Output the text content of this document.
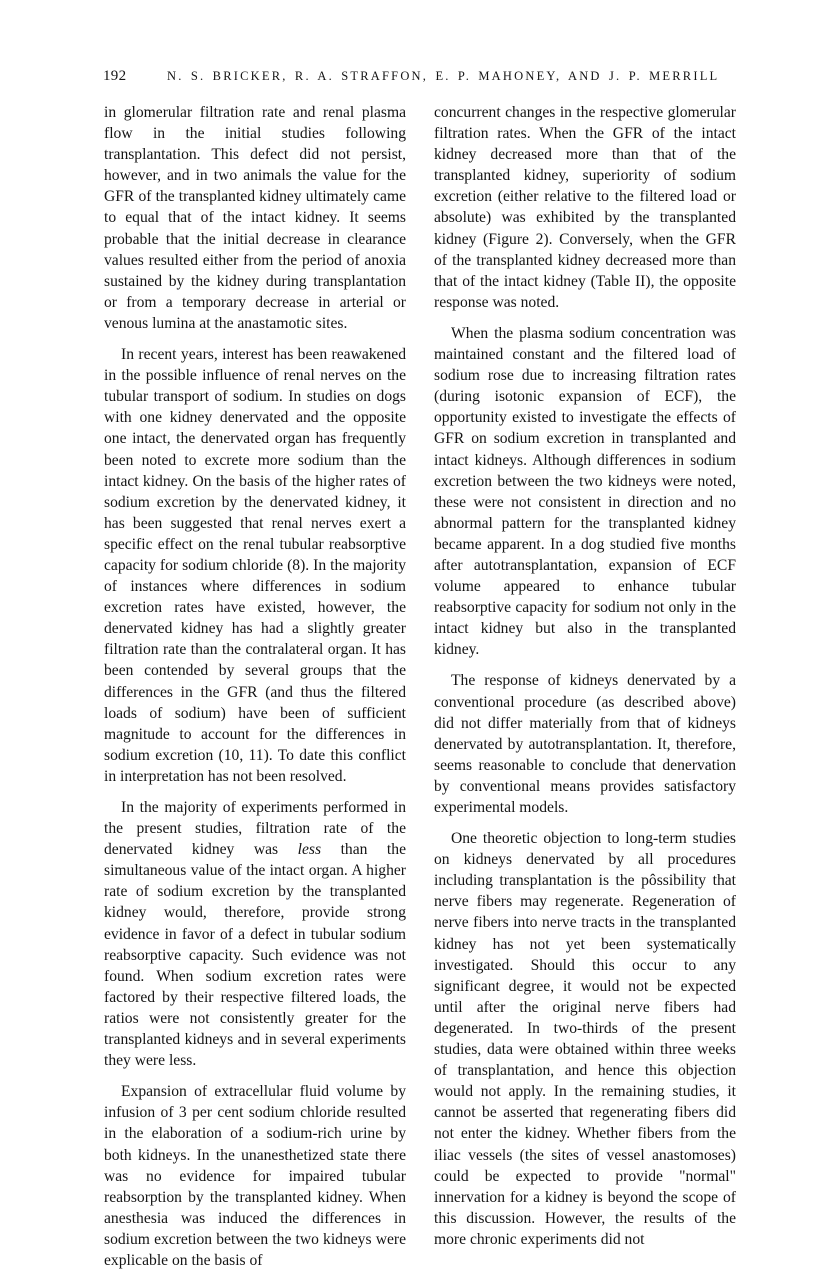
192	N. S. BRICKER, R. A. STRAFFON, E. P. MAHONEY, AND J. P. MERRILL

in glomerular filtration rate and renal plasma flow in the initial studies following transplantation. This defect did not persist, however, and in two animals the value for the GFR of the transplanted kidney ultimately came to equal that of the intact kidney. It seems probable that the initial decrease in clearance values resulted either from the period of anoxia sustained by the kidney during transplantation or from a temporary decrease in arterial or venous lumina at the anastamotic sites.

In recent years, interest has been reawakened in the possible influence of renal nerves on the tubular transport of sodium. In studies on dogs with one kidney denervated and the opposite one intact, the denervated organ has frequently been noted to excrete more sodium than the intact kidney. On the basis of the higher rates of sodium excretion by the denervated kidney, it has been suggested that renal nerves exert a specific effect on the renal tubular reabsorptive capacity for sodium chloride (8). In the majority of instances where differences in sodium excretion rates have existed, however, the denervated kidney has had a slightly greater filtration rate than the contralateral organ. It has been contended by several groups that the differences in the GFR (and thus the filtered loads of sodium) have been of sufficient magnitude to account for the differences in sodium excretion (10, 11). To date this conflict in interpretation has not been resolved.

In the majority of experiments performed in the present studies, filtration rate of the denervated kidney was less than the simultaneous value of the intact organ. A higher rate of sodium excretion by the transplanted kidney would, therefore, provide strong evidence in favor of a defect in tubular sodium reabsorptive capacity. Such evidence was not found. When sodium excretion rates were factored by their respective filtered loads, the ratios were not consistently greater for the transplanted kidneys and in several experiments they were less.

Expansion of extracellular fluid volume by infusion of 3 per cent sodium chloride resulted in the elaboration of a sodium-rich urine by both kidneys. In the unanesthetized state there was no evidence for impaired tubular reabsorption by the transplanted kidney. When anesthesia was induced the differences in sodium excretion between the two kidneys were explicable on the basis of

concurrent changes in the respective glomerular filtration rates. When the GFR of the intact kidney decreased more than that of the transplanted kidney, superiority of sodium excretion (either relative to the filtered load or absolute) was exhibited by the transplanted kidney (Figure 2). Conversely, when the GFR of the transplanted kidney decreased more than that of the intact kidney (Table II), the opposite response was noted.

When the plasma sodium concentration was maintained constant and the filtered load of sodium rose due to increasing filtration rates (during isotonic expansion of ECF), the opportunity existed to investigate the effects of GFR on sodium excretion in transplanted and intact kidneys. Although differences in sodium excretion between the two kidneys were noted, these were not consistent in direction and no abnormal pattern for the transplanted kidney became apparent. In a dog studied five months after autotransplantation, expansion of ECF volume appeared to enhance tubular reabsorptive capacity for sodium not only in the intact kidney but also in the transplanted kidney.

The response of kidneys denervated by a conventional procedure (as described above) did not differ materially from that of kidneys denervated by autotransplantation. It, therefore, seems reasonable to conclude that denervation by conventional means provides satisfactory experimental models.

One theoretic objection to long-term studies on kidneys denervated by all procedures including transplantation is the pôssibility that nerve fibers may regenerate. Regeneration of nerve fibers into nerve tracts in the transplanted kidney has not yet been systematically investigated. Should this occur to any significant degree, it would not be expected until after the original nerve fibers had degenerated. In two-thirds of the present studies, data were obtained within three weeks of transplantation, and hence this objection would not apply. In the remaining studies, it cannot be asserted that regenerating fibers did not enter the kidney. Whether fibers from the iliac vessels (the sites of vessel anastomoses) could be expected to provide "normal" innervation for a kidney is beyond the scope of this discussion. However, the results of the more chronic experiments did not
